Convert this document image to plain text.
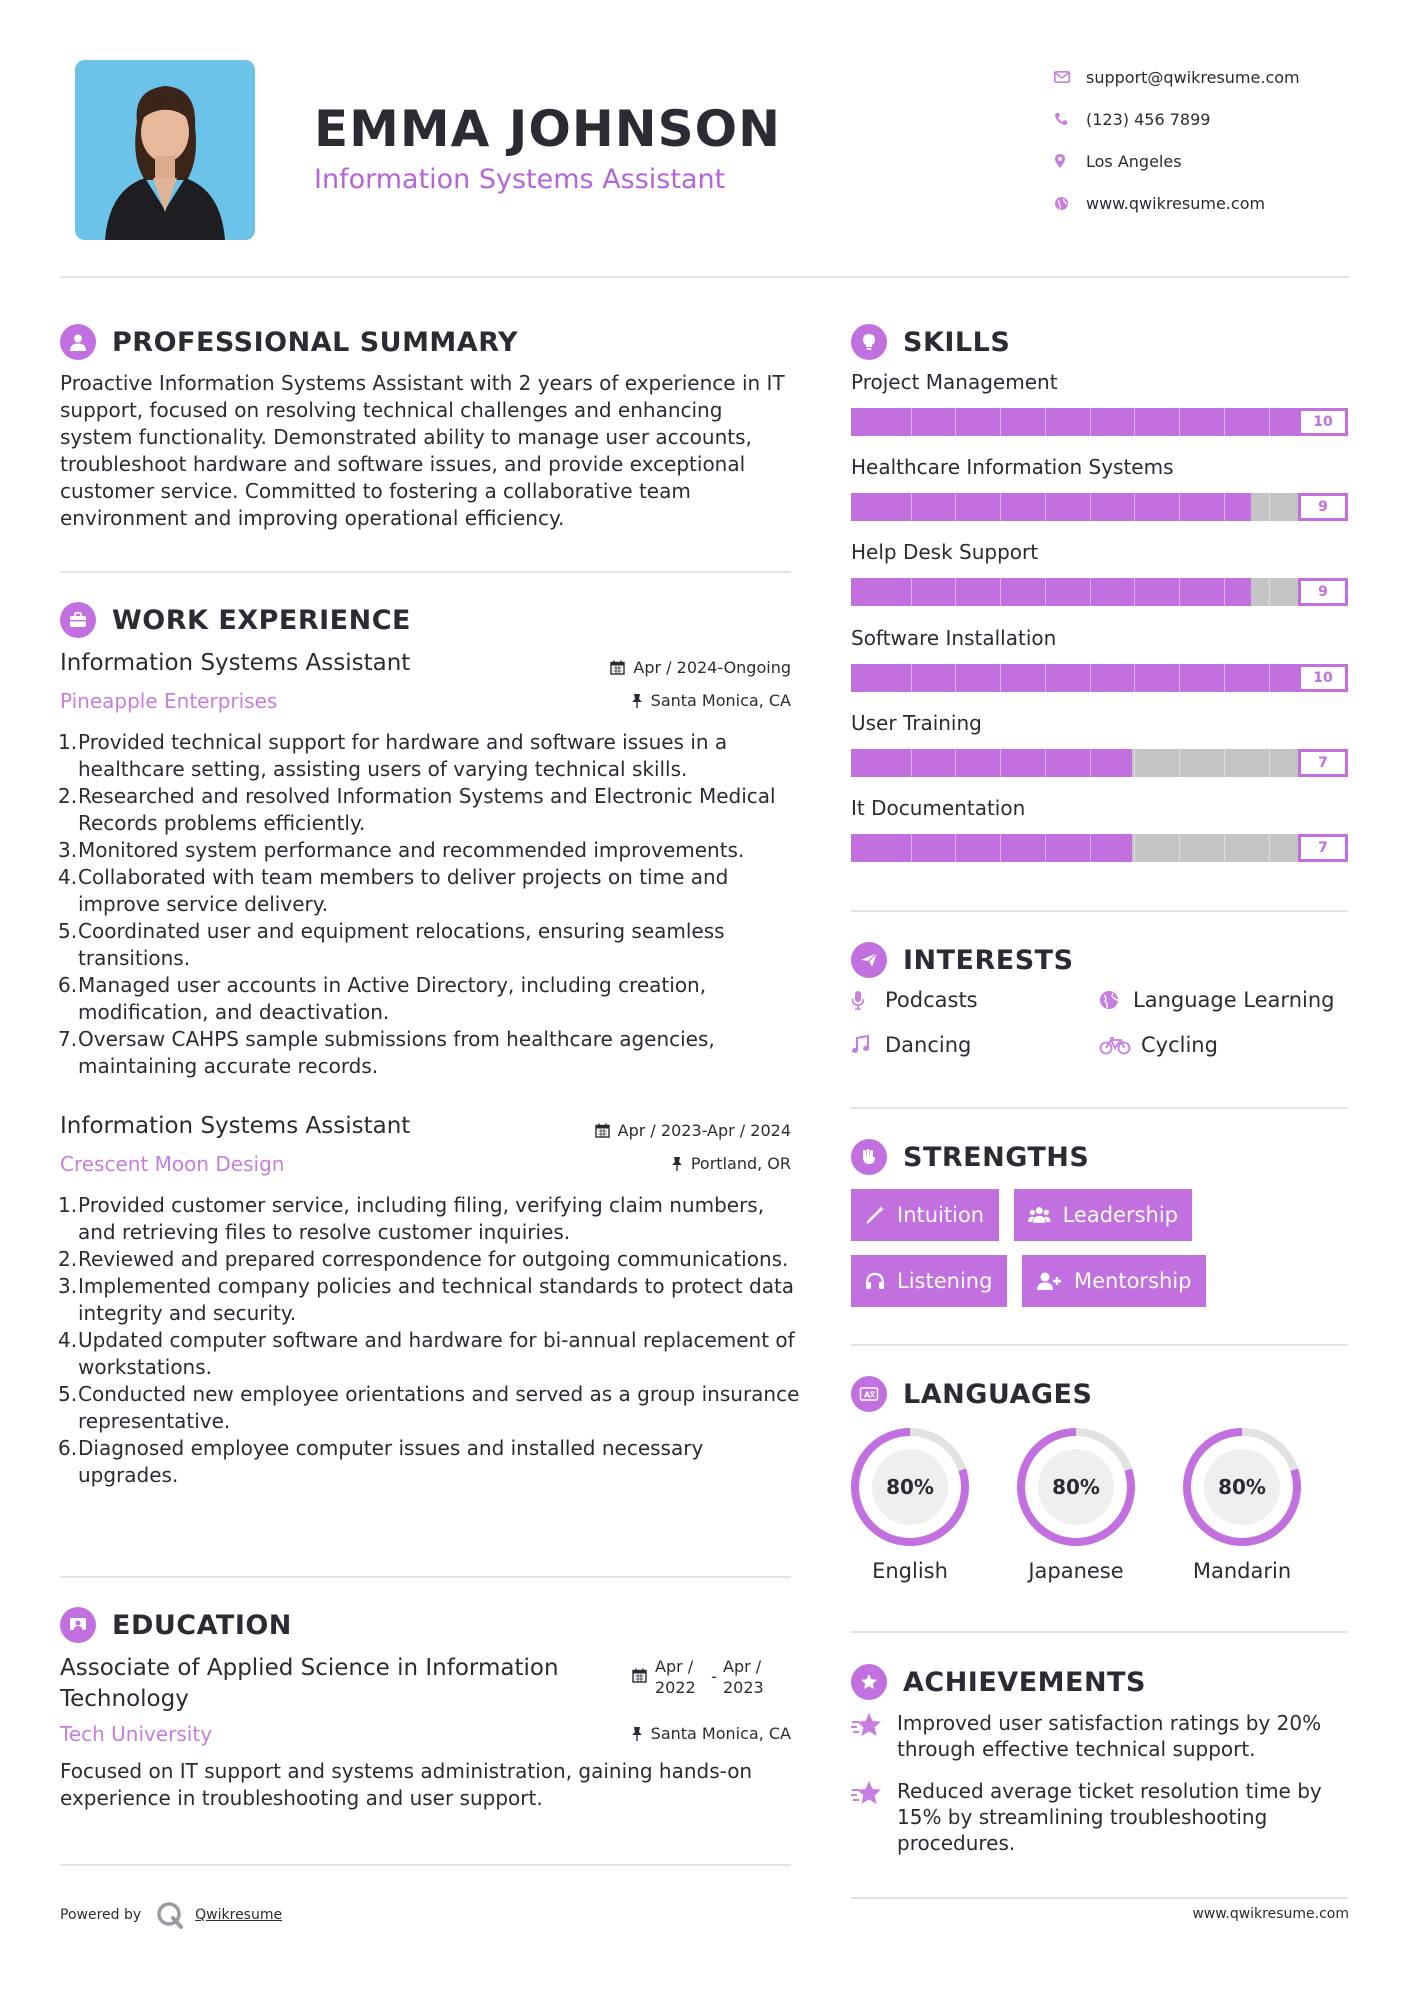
EMMA JOHNSON
Information Systems Assistant
support@qwikresume.com
(123) 456 7899
Los Angeles
www.qwikresume.com
PROFESSIONAL SUMMARY
Proactive Information Systems Assistant with 2 years of experience in IT support, focused on resolving technical challenges and enhancing system functionality. Demonstrated ability to manage user accounts, troubleshoot hardware and software issues, and provide exceptional customer service. Committed to fostering a collaborative team environment and improving operational efficiency.
WORK EXPERIENCE
Information Systems Assistant	Apr / 2024-Ongoing
Pineapple Enterprises	Santa Monica, CA
Provided technical support for hardware and software issues in a healthcare setting, assisting users of varying technical skills.
Researched and resolved Information Systems and Electronic Medical Records problems efficiently.
Monitored system performance and recommended improvements.
Collaborated with team members to deliver projects on time and improve service delivery.
Coordinated user and equipment relocations, ensuring seamless transitions.
Managed user accounts in Active Directory, including creation, modification, and deactivation.
Oversaw CAHPS sample submissions from healthcare agencies, maintaining accurate records.
Information Systems Assistant	Apr / 2023-Apr / 2024
Crescent Moon Design	Portland, OR
Provided customer service, including filing, verifying claim numbers, and retrieving files to resolve customer inquiries.
Reviewed and prepared correspondence for outgoing communications.
Implemented company policies and technical standards to protect data integrity and security.
Updated computer software and hardware for bi-annual replacement of workstations.
Conducted new employee orientations and served as a group insurance representative.
Diagnosed employee computer issues and installed necessary upgrades.
EDUCATION
Associate of Applied Science in Information Technology
Apr / 2022
-
Apr / 2023
Tech University	Santa Monica, CA
Focused on IT support and systems administration, gaining hands-on experience in troubleshooting and user support.
SKILLS
Project Management
10
Healthcare Information Systems
9
Help Desk Support
9
Software Installation
10
User Training
7
It Documentation
7
INTERESTS
Podcasts	Language Learning
Dancing	Cycling
STRENGTHS
Intuition	Leadership
Listening	Mentorship
A LANGUAGES
80%
English
80%
Japanese
80%
Mandarin
ACHIEVEMENTS
Improved user satisfaction ratings by 20% through effective technical support.
Reduced average ticket resolution time by 15% by streamlining troubleshooting procedures.
Powered by	Qwikresume	www.qwikresume.com
